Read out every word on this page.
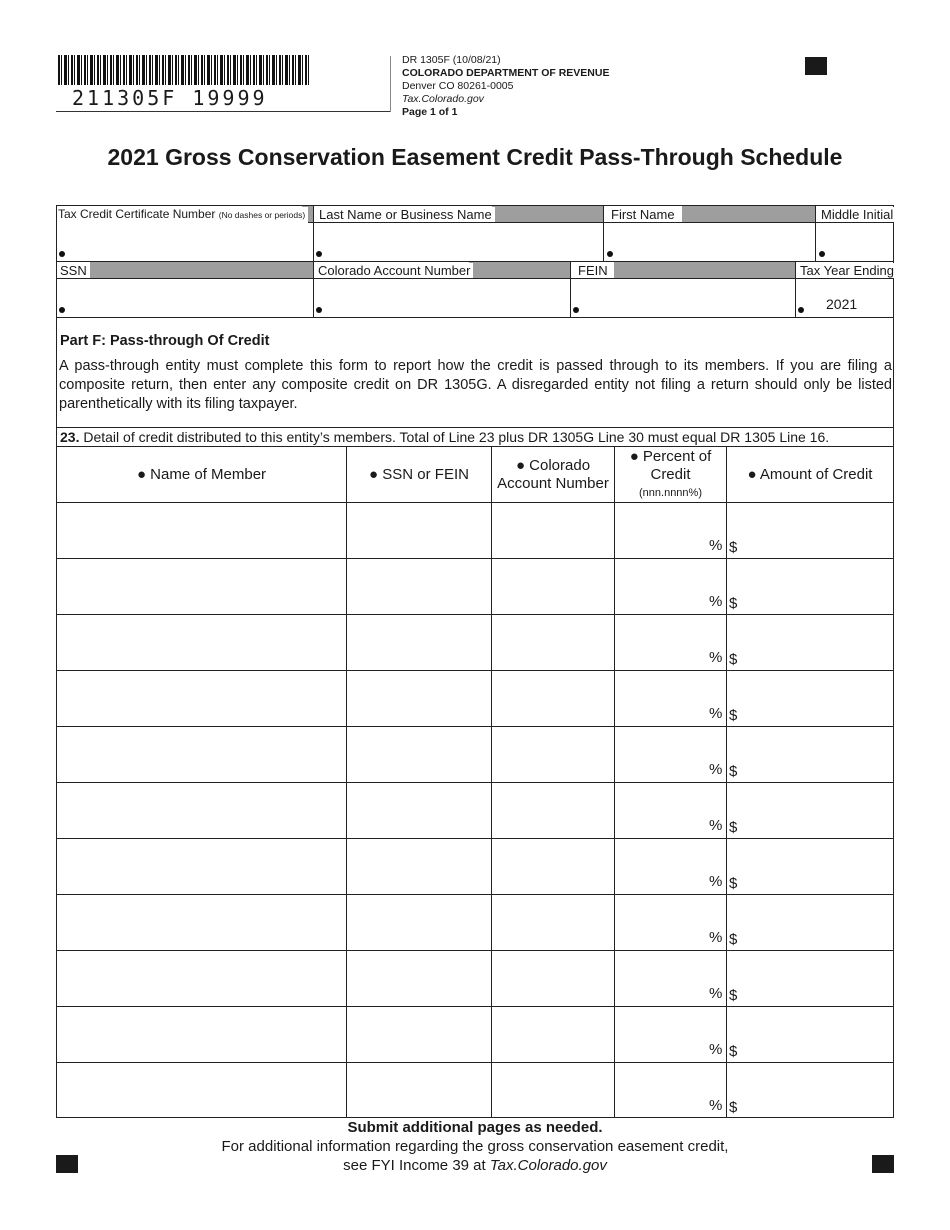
211305F 19999
DR 1305F (10/08/21)
COLORADO DEPARTMENT OF REVENUE
Denver CO 80261-0005
Tax.Colorado.gov
Page 1 of 1
2021 Gross Conservation Easement Credit Pass-Through Schedule
Tax Credit Certificate Number (No dashes or periods) Last Name or Business Name	First Name	Middle Initial
SSN	Colorado Account Number	FEIN	Tax Year Ending
2021
Part F: Pass-through Of Credit
A pass-through entity must complete this form to report how the credit is passed through to its members. If you are filing a composite return, then enter any composite credit on DR 1305G. A disregarded entity not filing a return should only be listed parenthetically with its filing taxpayer.
23. Detail of credit distributed to this entity’s members. Total of Line 23 plus DR 1305G Line 30 must equal DR 1305 Line 16.
● Name of Member	● SSN or FEIN
● Colorado
Account Number
● Percent of
Credit
(nnn.nnnn%)
● Amount of Credit
% $
% $
% $
% $
% $
% $
% $
% $
% $
% $
% $
Submit additional pages as needed.
For additional information regarding the gross conservation easement credit,
see FYI Income 39 at Tax.Colorado.gov
